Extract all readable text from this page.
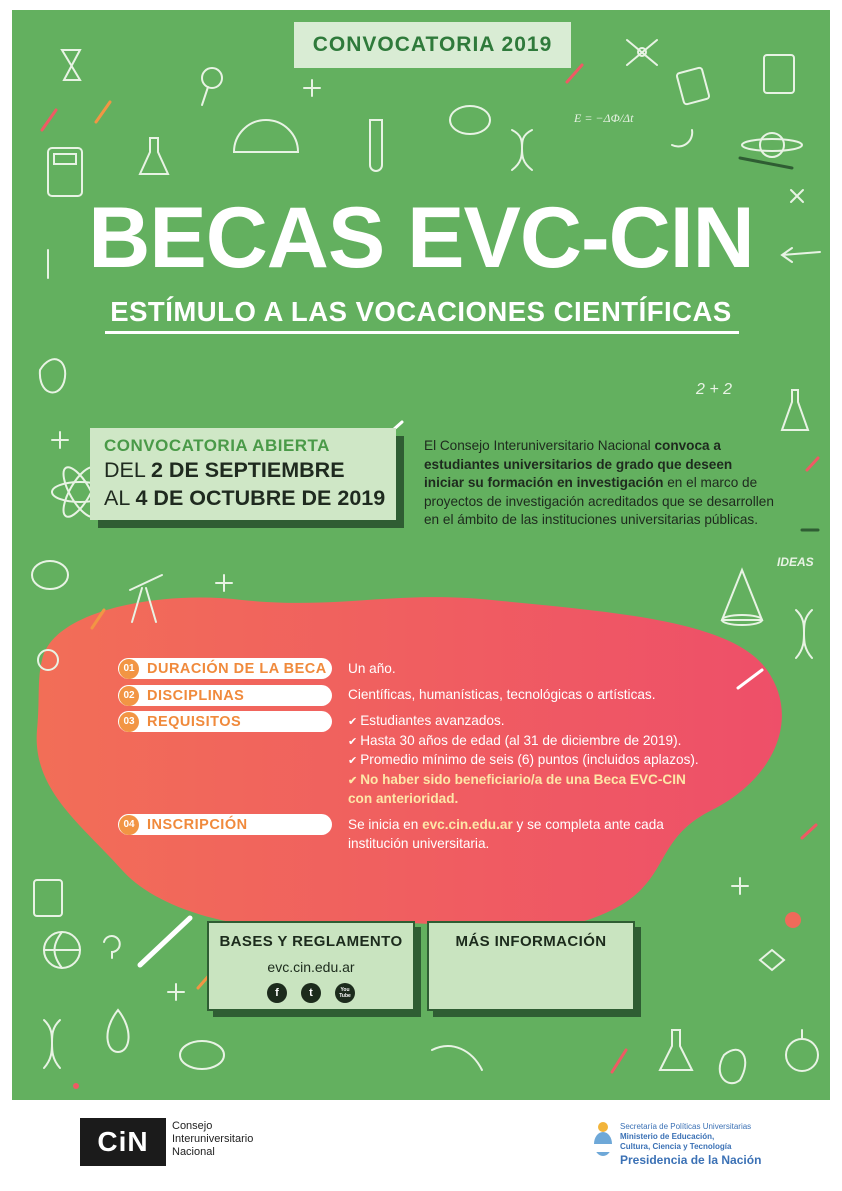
IDEAS
2 + 2
E = −ΔΦ/Δt
CONVOCATORIA 2019
BECAS EVC-CIN
ESTÍMULO A LAS VOCACIONES CIENTÍFICAS
CONVOCATORIA ABIERTA
DEL 2 DE SEPTIEMBRE
AL 4 DE OCTUBRE DE 2019
El Consejo Interuniversitario Nacional convoca a estudiantes universitarios de grado que deseen iniciar su formación en investigación en el marco de proyectos de investigación acreditados que se desarrollen en el ámbito de las instituciones universitarias públicas.
01 DURACIÓN DE LA BECA Un año.
02 DISCIPLINAS	Científicas, humanísticas, tecnológicas o artísticas.
03 REQUISITOS	✔ Estudiantes avanzados.
✔ Hasta 30 años de edad (al 31 de diciembre de 2019).
✔ Promedio mínimo de seis (6) puntos (incluidos aplazos).
✔ No haber sido beneficiario/a de una Beca EVC-CIN con anterioridad.
04 INSCRIPCIÓN	Se inicia en evc.cin.edu.ar y se completa ante cada institución universitaria.
BASES Y REGLAMENTO
evc.cin.edu.ar
f	t	You Tube
MÁS INFORMACIÓN
CiN	Consejo
Interuniversitario
Nacional
Secretaría de Políticas Universitarias
Ministerio de Educación,
Cultura, Ciencia y Tecnología
Presidencia de la Nación
